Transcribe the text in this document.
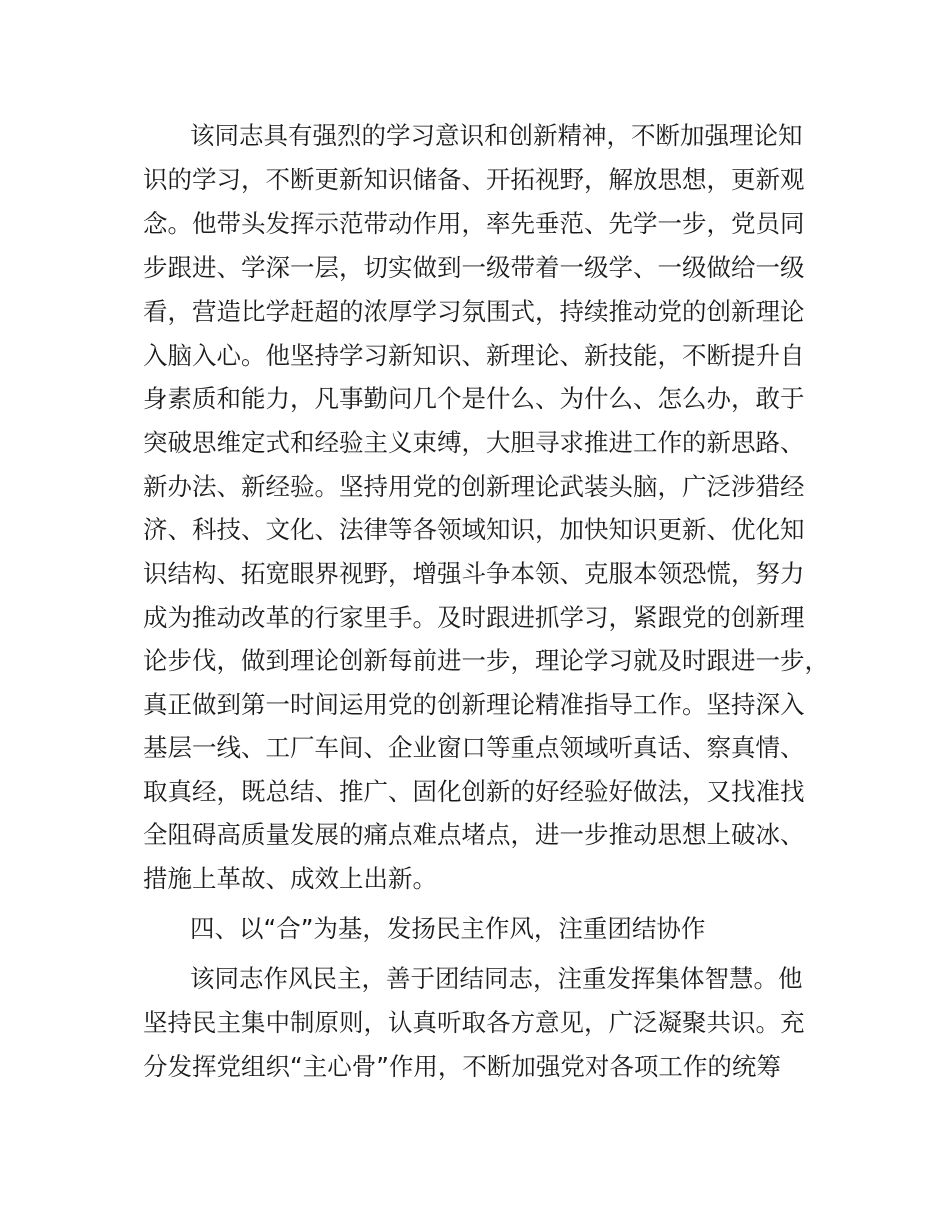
该同志具有强烈的学习意识和创新精神，不断加强理论知
识的学习，不断更新知识储备、开拓视野，解放思想，更新观
念。他带头发挥示范带动作用，率先垂范、先学一步，党员同
步跟进、学深一层，切实做到一级带着一级学、一级做给一级
看，营造比学赶超的浓厚学习氛围式，持续推动党的创新理论
入脑入心。他坚持学习新知识、新理论、新技能，不断提升自
身素质和能力，凡事勤问几个是什么、为什么、怎么办，敢于
突破思维定式和经验主义束缚，大胆寻求推进工作的新思路、
新办法、新经验。坚持用党的创新理论武装头脑，广泛涉猎经
济、科技、文化、法律等各领域知识，加快知识更新、优化知
识结构、拓宽眼界视野，增强斗争本领、克服本领恐慌，努力
成为推动改革的行家里手。及时跟进抓学习，紧跟党的创新理
论步伐，做到理论创新每前进一步，理论学习就及时跟进一步，
真正做到第一时间运用党的创新理论精准指导工作。坚持深入
基层一线、工厂车间、企业窗口等重点领域听真话、察真情、
取真经，既总结、推广、固化创新的好经验好做法，又找准找
全阻碍高质量发展的痛点难点堵点，进一步推动思想上破冰、
措施上革故、成效上出新。
四、以“合”为基，发扬民主作风，注重团结协作
该同志作风民主，善于团结同志，注重发挥集体智慧。他
坚持民主集中制原则，认真听取各方意见，广泛凝聚共识。充
分发挥党组织“主心骨”作用，不断加强党对各项工作的统筹
